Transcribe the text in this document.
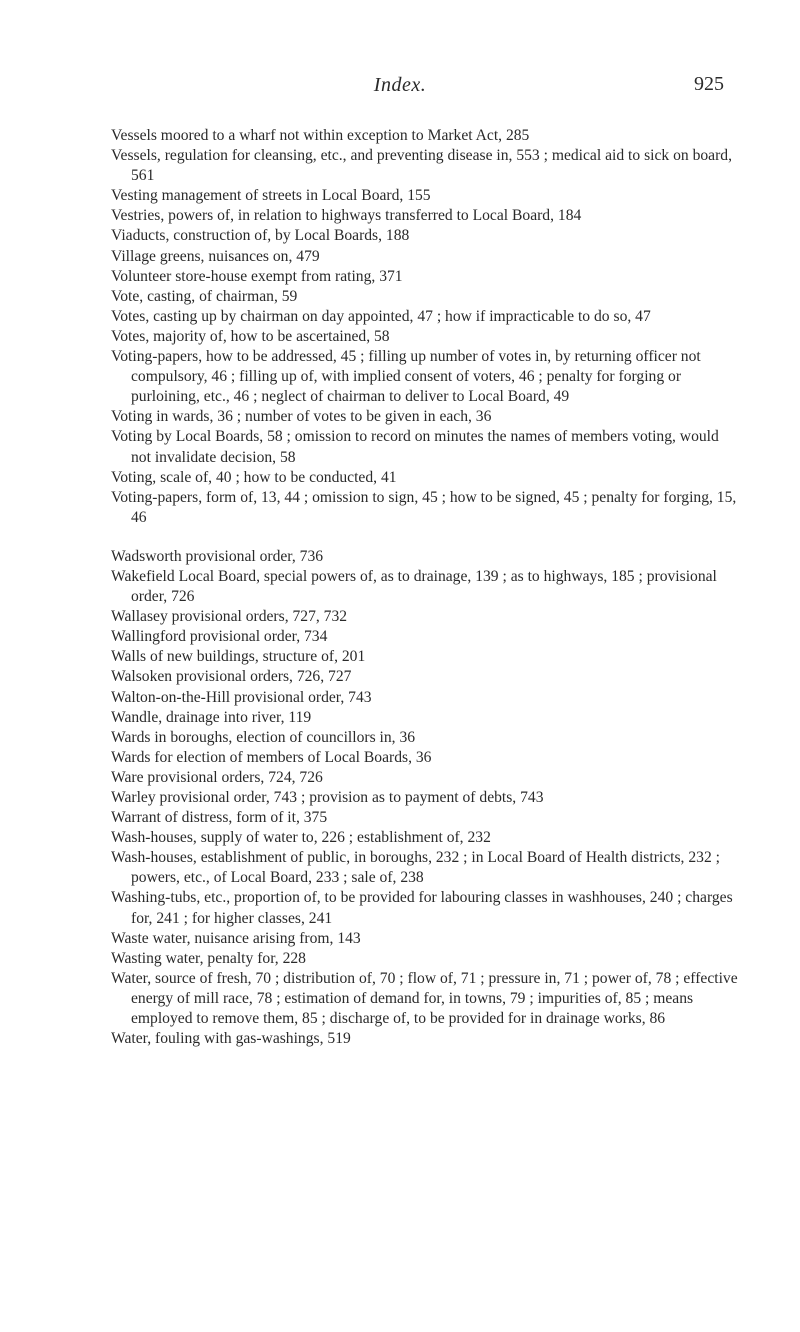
Index.	925

Vessels moored to a wharf not within exception to Market Act, 285

Vessels, regulation for cleansing, etc., and preventing disease in, 553 ; medical aid to sick on board, 561

Vesting management of streets in Local Board, 155

Vestries, powers of, in relation to highways transferred to Local Board, 184

Viaducts, construction of, by Local Boards, 188

Village greens, nuisances on, 479

Volunteer store-house exempt from rating, 371

Vote, casting, of chairman, 59

Votes, casting up by chairman on day appointed, 47 ; how if impracticable to do so, 47

Votes, majority of, how to be ascertained, 58

Voting-papers, how to be addressed, 45 ; filling up number of votes in, by returning officer not compulsory, 46 ; filling up of, with implied consent of voters, 46 ; penalty for forging or purloining, etc., 46 ; neglect of chairman to deliver to Local Board, 49

Voting in wards, 36 ; number of votes to be given in each, 36

Voting by Local Boards, 58 ; omission to record on minutes the names of members voting, would not invalidate decision, 58

Voting, scale of, 40 ; how to be conducted, 41

Voting-papers, form of, 13, 44 ; omission to sign, 45 ; how to be signed, 45 ; penalty for forging, 15, 46

Wadsworth provisional order, 736

Wakefield Local Board, special powers of, as to drainage, 139 ; as to highways, 185 ; provisional order, 726

Wallasey provisional orders, 727, 732

Wallingford provisional order, 734

Walls of new buildings, structure of, 201

Walsoken provisional orders, 726, 727

Walton-on-the-Hill provisional order, 743

Wandle, drainage into river, 119

Wards in boroughs, election of councillors in, 36

Wards for election of members of Local Boards, 36

Ware provisional orders, 724, 726

Warley provisional order, 743 ; provision as to payment of debts, 743

Warrant of distress, form of it, 375

Wash-houses, supply of water to, 226 ; establishment of, 232

Wash-houses, establishment of public, in boroughs, 232 ; in Local Board of Health districts, 232 ; powers, etc., of Local Board, 233 ; sale of, 238

Washing-tubs, etc., proportion of, to be provided for labouring classes in washhouses, 240 ; charges for, 241 ; for higher classes, 241

Waste water, nuisance arising from, 143

Wasting water, penalty for, 228

Water, source of fresh, 70 ; distribution of, 70 ; flow of, 71 ; pressure in, 71 ; power of, 78 ; effective energy of mill race, 78 ; estimation of demand for, in towns, 79 ; impurities of, 85 ; means employed to remove them, 85 ; discharge of, to be provided for in drainage works, 86

Water, fouling with gas-washings, 519
